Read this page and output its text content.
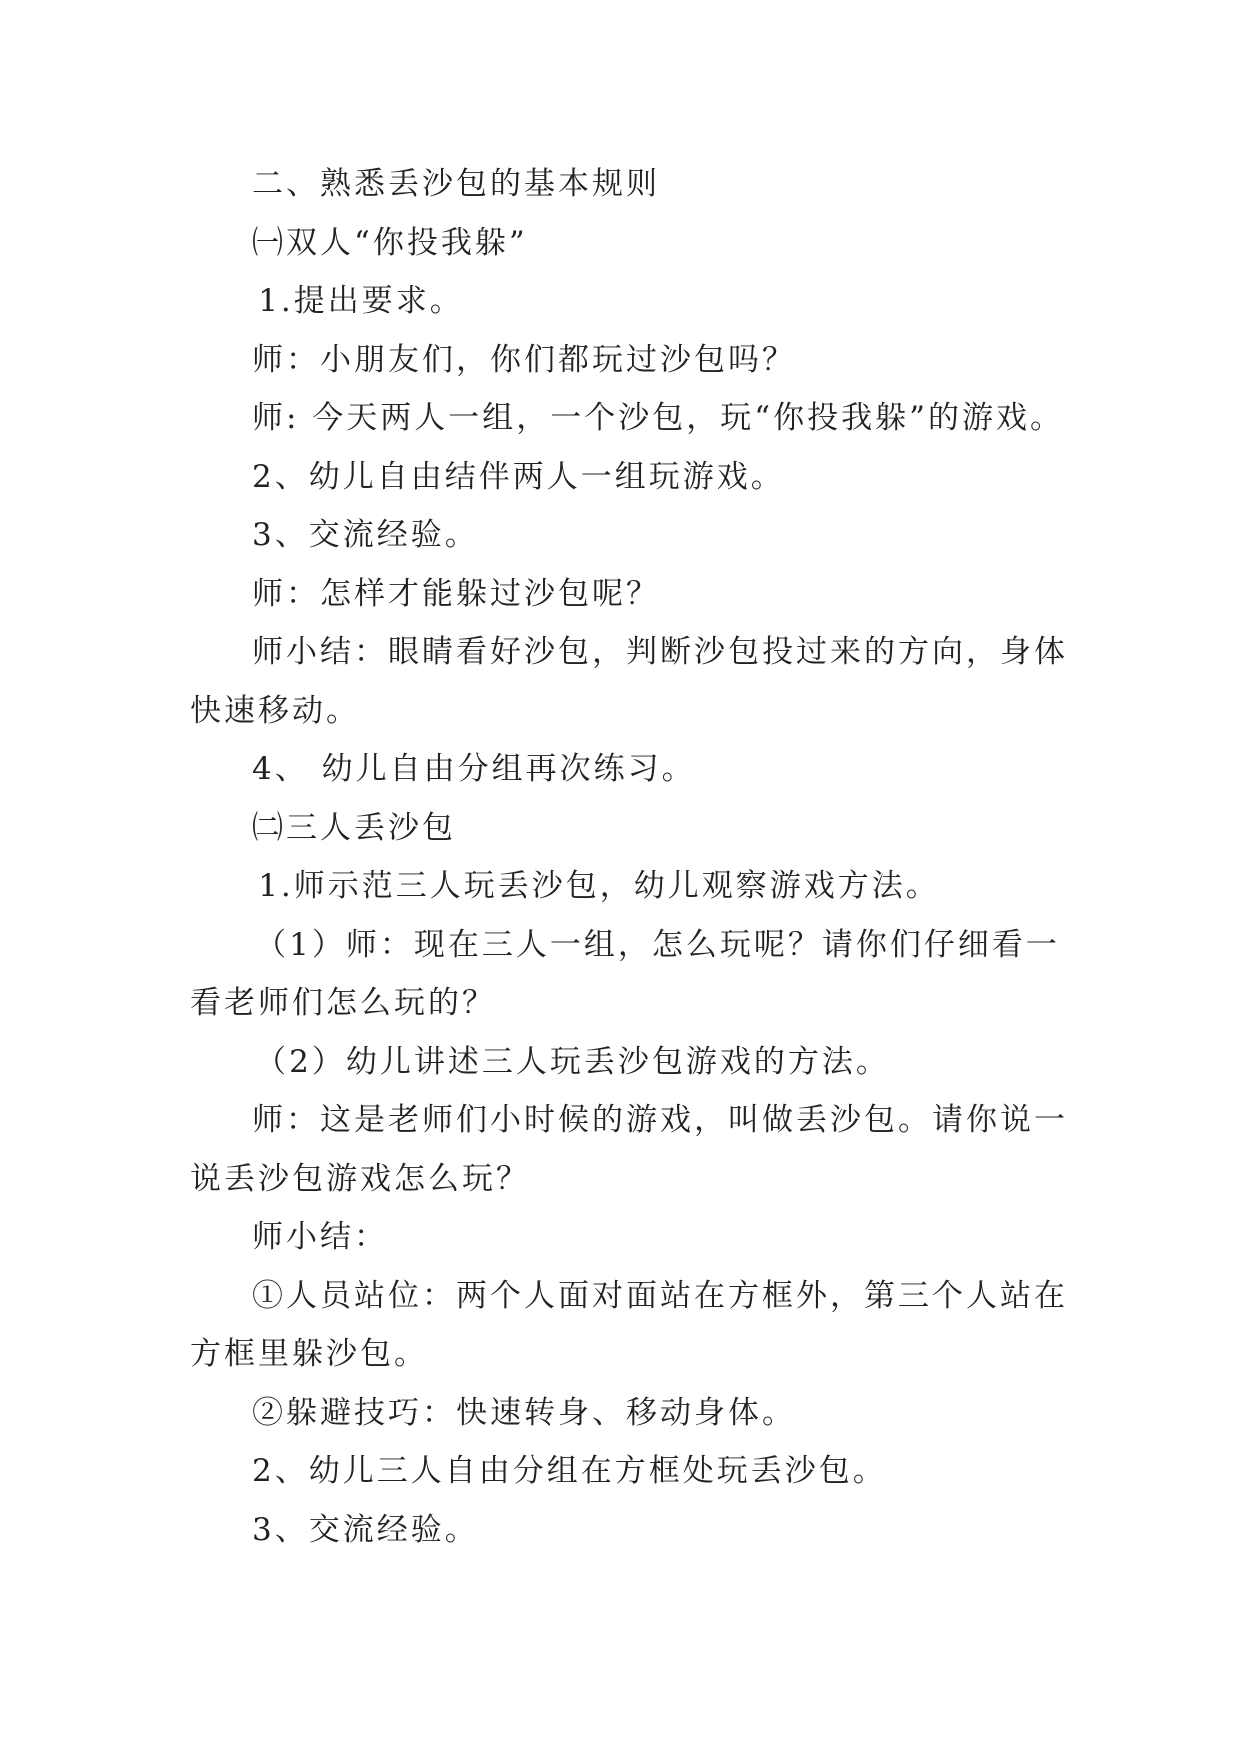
二、熟悉丢沙包的基本规则

㈠双人“你投我躲”

1.提出要求。

师：小朋友们，你们都玩过沙包吗？

师: 今天两人一组，一个沙包，玩“你投我躲”的游戏。

2、幼儿自由结伴两人一组玩游戏。

3、交流经验。

师：怎样才能躲过沙包呢？

师小结：眼睛看好沙包，判断沙包投过来的方向，身体快速移动。

4、 幼儿自由分组再次练习。

㈡三人丢沙包

1.师示范三人玩丢沙包，幼儿观察游戏方法。

（1）师：现在三人一组，怎么玩呢？请你们仔细看一看老师们怎么玩的？

（2）幼儿讲述三人玩丢沙包游戏的方法。

师：这是老师们小时候的游戏，叫做丢沙包。请你说一说丢沙包游戏怎么玩？

师小结：

①人员站位：两个人面对面站在方框外，第三个人站在方框里躲沙包。

②躲避技巧：快速转身、移动身体。

2、幼儿三人自由分组在方框处玩丢沙包。

3、交流经验。
